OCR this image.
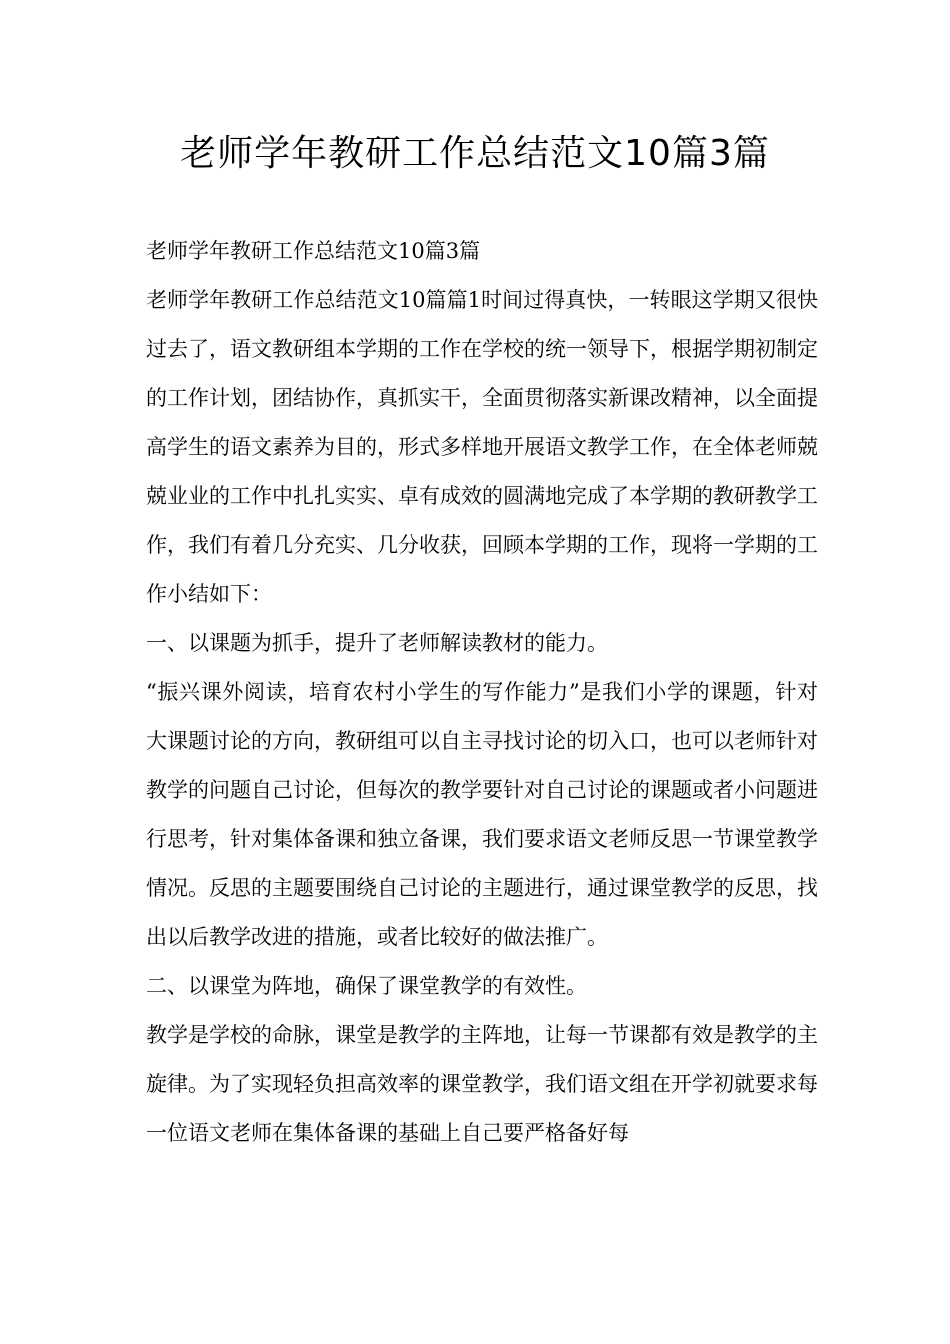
老师学年教研工作总结范文10篇3篇

老师学年教研工作总结范文10篇3篇

老师学年教研工作总结范文10篇篇1时间过得真快，一转眼这学期又很快过去了，语文教研组本学期的工作在学校的统一领导下，根据学期初制定的工作计划，团结协作，真抓实干，全面贯彻落实新课改精神，以全面提高学生的语文素养为目的，形式多样地开展语文教学工作，在全体老师兢兢业业的工作中扎扎实实、卓有成效的圆满地完成了本学期的教研教学工作，我们有着几分充实、几分收获，回顾本学期的工作，现将一学期的工作小结如下：

一、以课题为抓手，提升了老师解读教材的能力。

“振兴课外阅读，培育农村小学生的写作能力”是我们小学的课题，针对大课题讨论的方向，教研组可以自主寻找讨论的切入口，也可以老师针对教学的问题自己讨论，但每次的教学要针对自己讨论的课题或者小问题进行思考，针对集体备课和独立备课，我们要求语文老师反思一节课堂教学情况。反思的主题要围绕自己讨论的主题进行，通过课堂教学的反思，找出以后教学改进的措施，或者比较好的做法推广。

二、以课堂为阵地，确保了课堂教学的有效性。

教学是学校的命脉，课堂是教学的主阵地，让每一节课都有效是教学的主旋律。为了实现轻负担高效率的课堂教学，我们语文组在开学初就要求每一位语文老师在集体备课的基础上自己要严格备好每
